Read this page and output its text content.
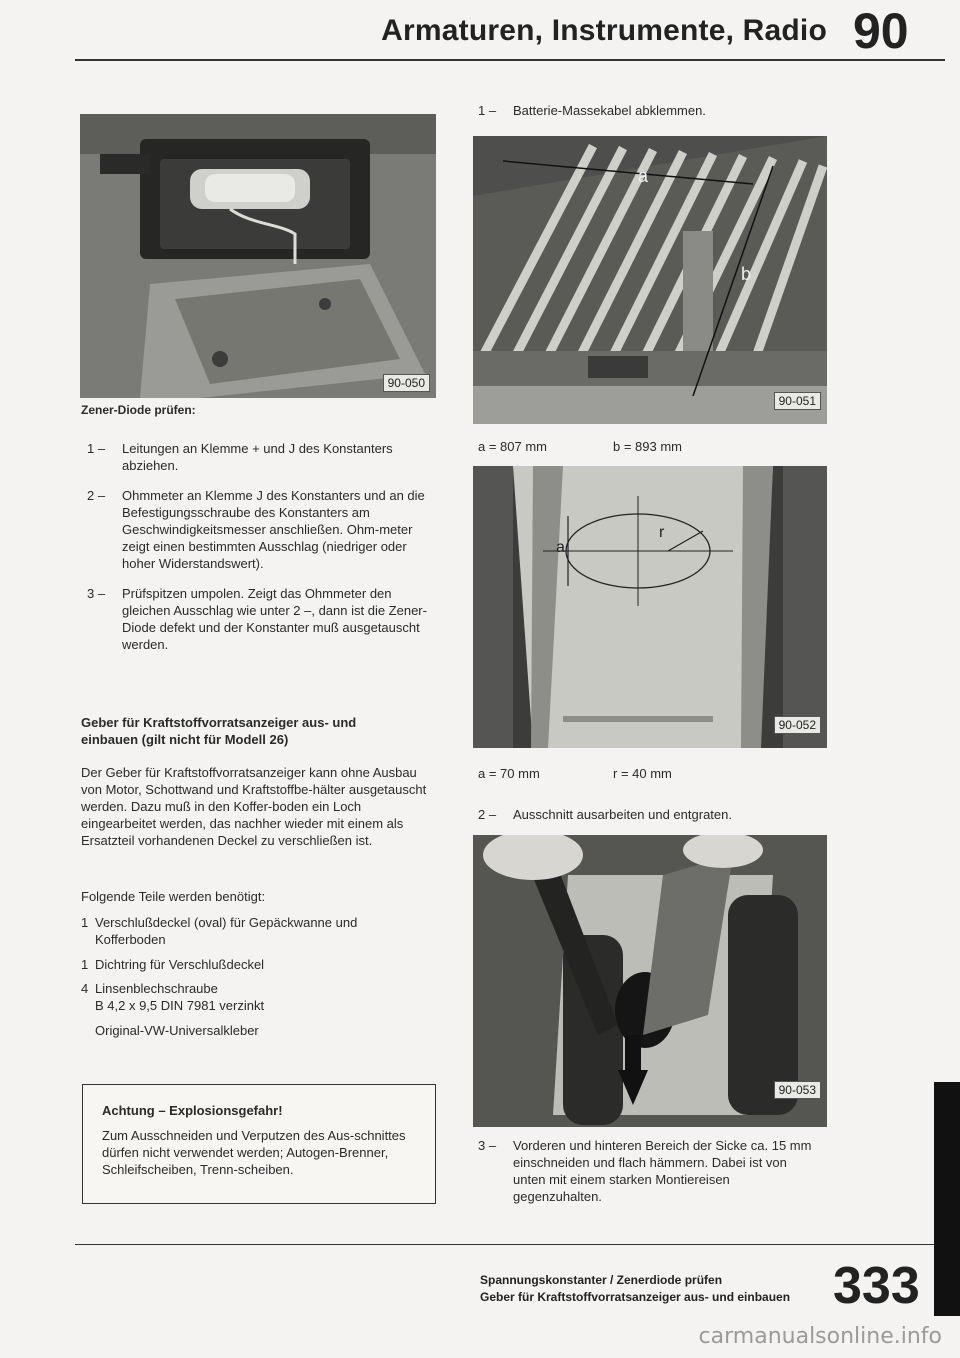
Armaturen, Instrumente, Radio 90
90-050
Zener-Diode prüfen:
1 – Leitungen an Klemme + und J des Konstanters abziehen.
2 – Ohmmeter an Klemme J des Konstanters und an die Befestigungsschraube des Konstanters am Geschwindigkeitsmesser anschließen. Ohm-meter zeigt einen bestimmten Ausschlag (niedriger oder hoher Widerstandswert).
3 – Prüfspitzen umpolen. Zeigt das Ohmmeter den gleichen Ausschlag wie unter 2 –, dann ist die Zener-Diode defekt und der Konstanter muß ausgetauscht werden.
Geber für Kraftstoffvorratsanzeiger aus- und
einbauen (gilt nicht für Modell 26)
Der Geber für Kraftstoffvorratsanzeiger kann ohne Ausbau von Motor, Schottwand und Kraftstoffbe-hälter ausgetauscht werden. Dazu muß in den Koffer-boden ein Loch eingearbeitet werden, das nachher wieder mit einem als Ersatzteil vorhandenen Deckel zu verschließen ist.
Folgende Teile werden benötigt:
1 Verschlußdeckel (oval) für Gepäckwanne und Kofferboden
1 Dichtring für Verschlußdeckel
4 Linsenblechschraube
B 4,2 x 9,5 DIN 7981 verzinkt
Original-VW-Universalkleber
Achtung – Explosionsgefahr!
Zum Ausschneiden und Verputzen des Aus-schnittes dürfen nicht verwendet werden; Autogen-Brenner, Schleifscheiben, Trenn-scheiben.
1 – Batterie-Massekabel abklemmen.
a
b
90-051
a = 807 mm	b = 893 mm
a
r
90-052
a = 70 mm	r = 40 mm
2 – Ausschnitt ausarbeiten und entgraten.
90-053
3 – Vorderen und hinteren Bereich der Sicke ca. 15 mm einschneiden und flach hämmern. Dabei ist von unten mit einem starken Montiereisen gegenzuhalten.
Spannungskonstanter / Zenerdiode prüfen
Geber für Kraftstoffvorratsanzeiger aus- und einbauen 333
carmanualsonline.info
